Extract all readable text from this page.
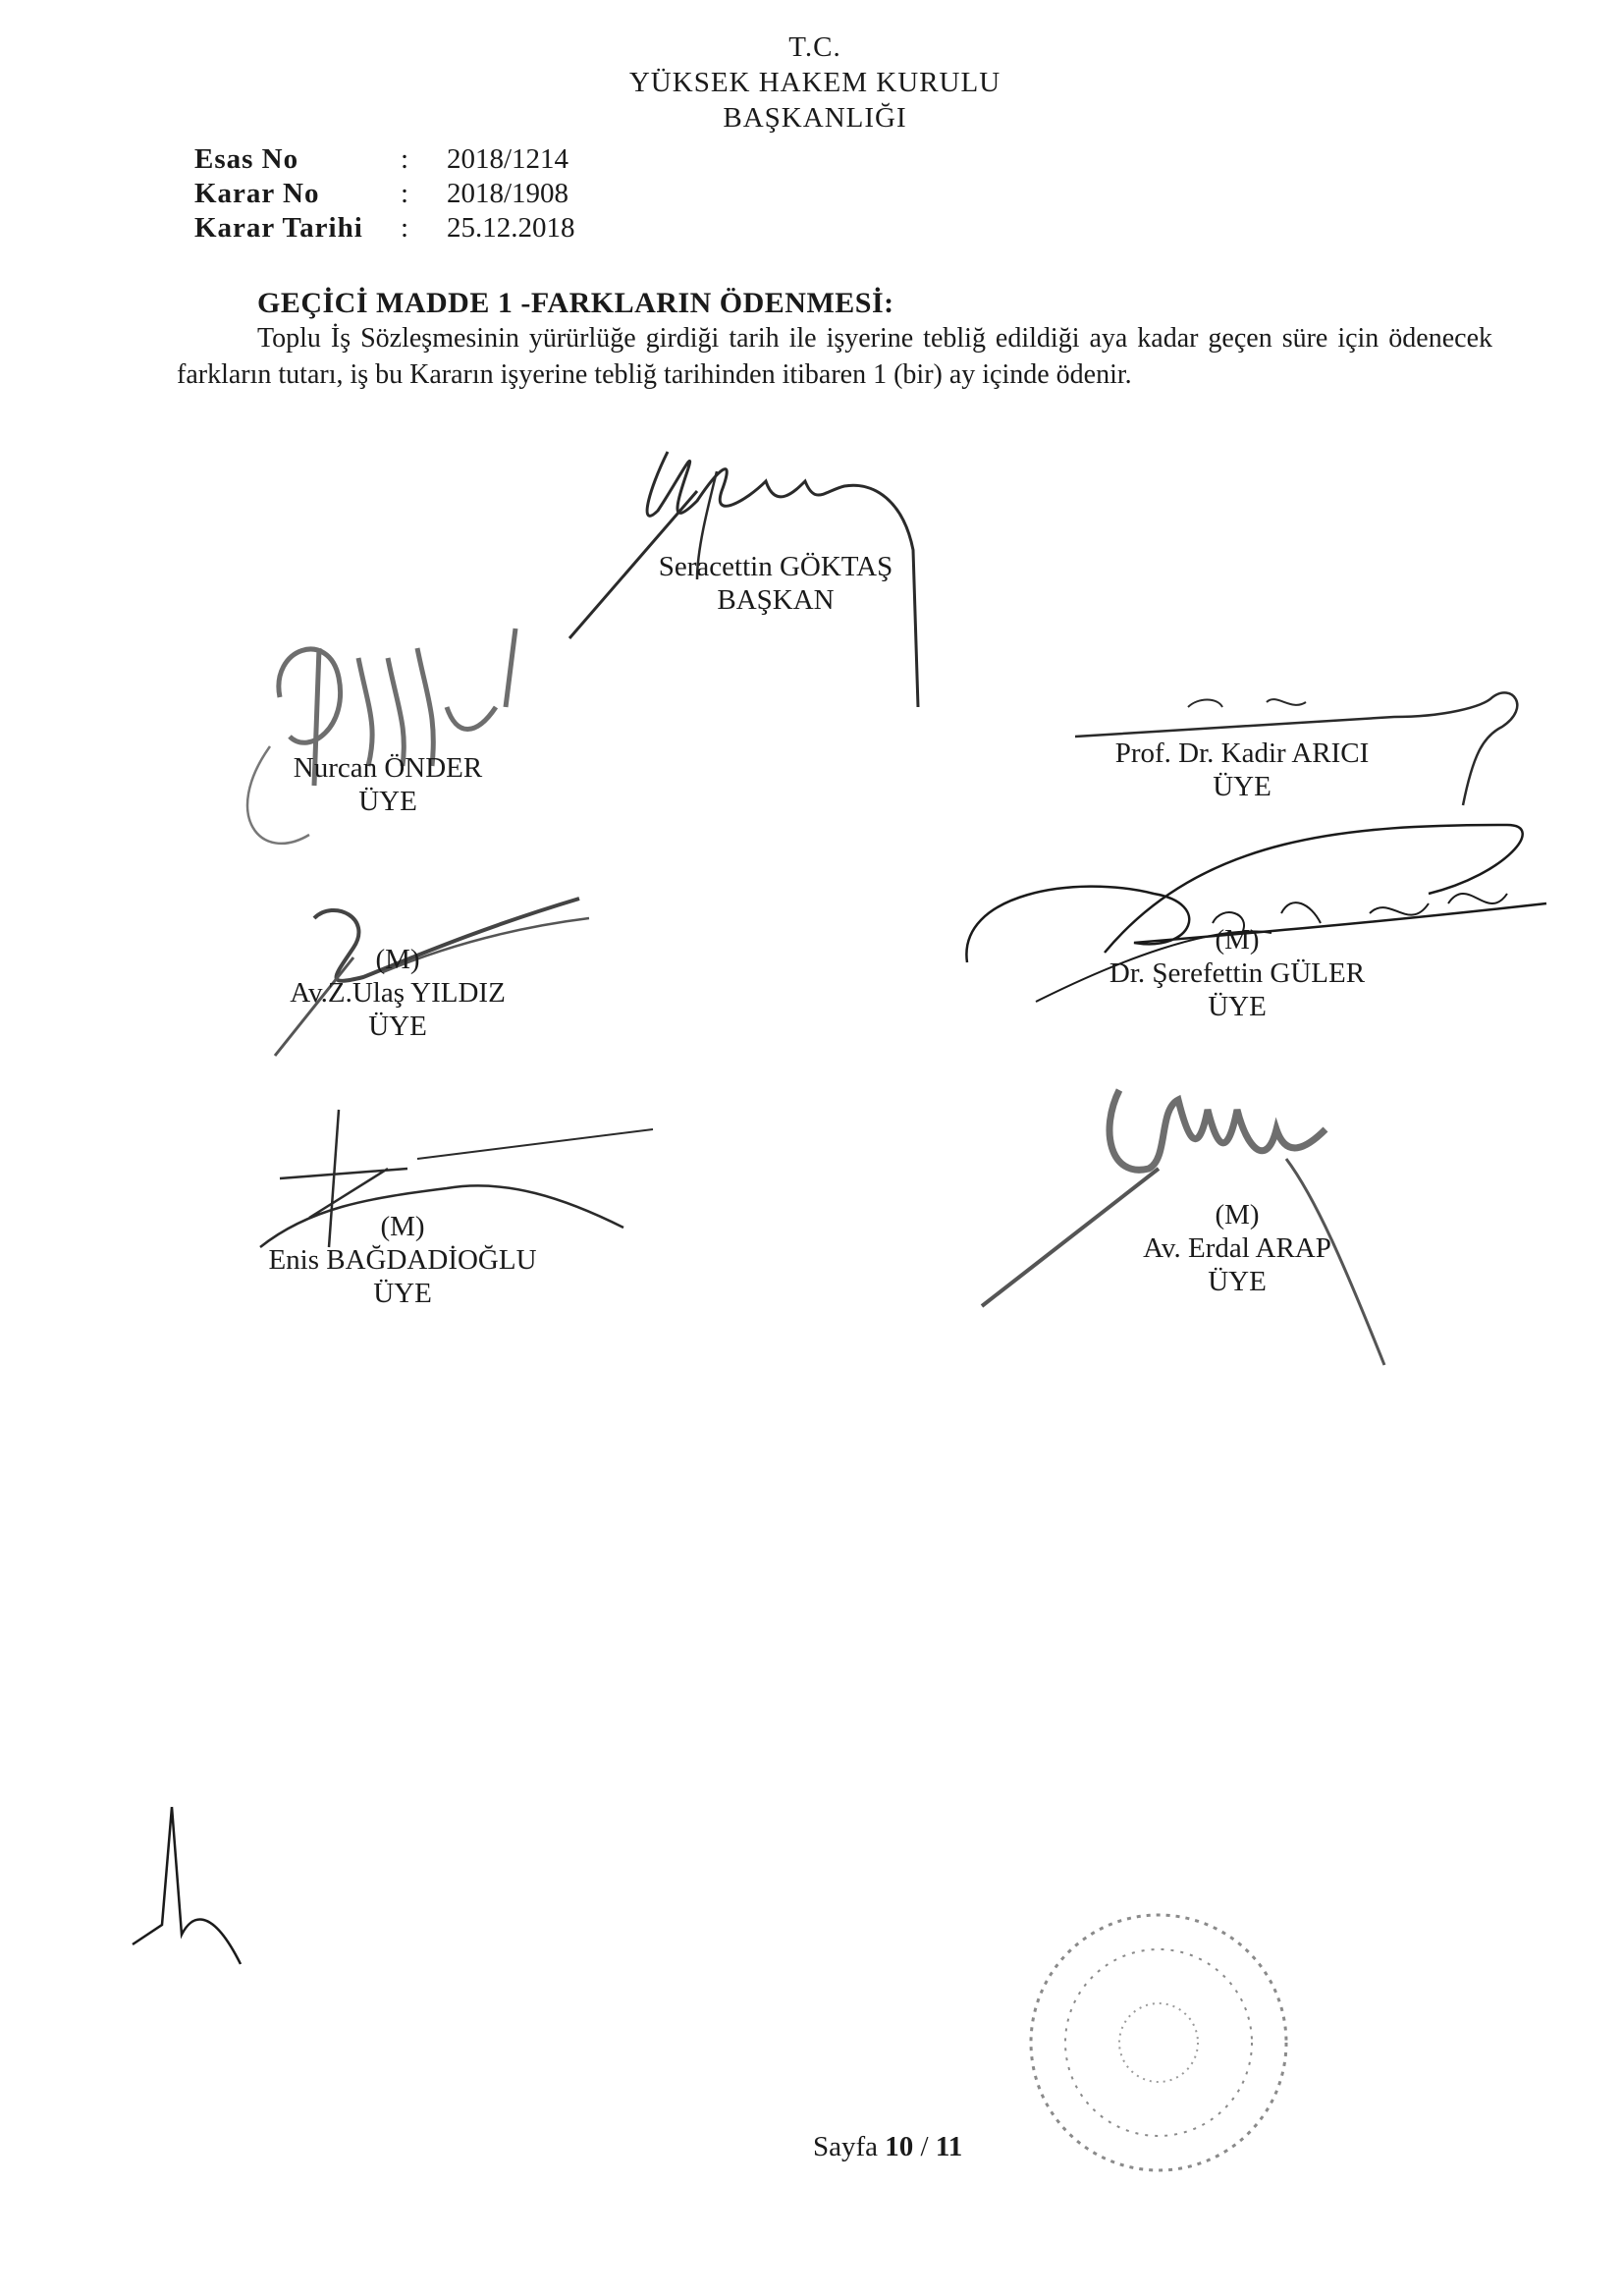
T.C.
YÜKSEK HAKEM KURULU
BAŞKANLIĞI
Esas No	: 2018/1214
Karar No	: 2018/1908
Karar Tarihi : 25.12.2018
GEÇİCİ MADDE 1 -FARKLARIN ÖDENMESİ:
Toplu İş Sözleşmesinin yürürlüğe girdiği tarih ile işyerine tebliğ edildiği aya kadar geçen süre için ödenecek farkların tutarı, iş bu Kararın işyerine tebliğ tarihinden itibaren 1 (bir) ay içinde ödenir.
Seracettin GÖKTAŞ
BAŞKAN
Nurcan ÖNDER
ÜYE
Prof. Dr. Kadir ARICI
ÜYE
(M)
Av.Z.Ulaş YILDIZ
ÜYE
(M)
Dr. Şerefettin GÜLER
ÜYE
(M)
Enis BAĞDADİOĞLU
ÜYE
(M)
Av. Erdal ARAP
ÜYE
Sayfa 10 / 11
